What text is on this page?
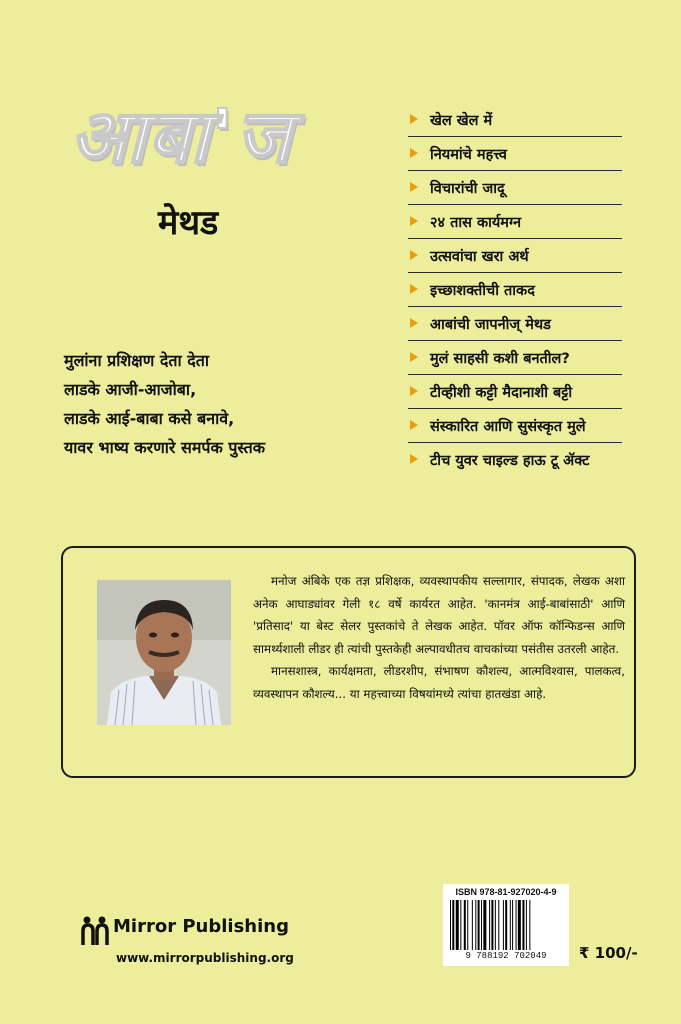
आबा'ज
मेथड
खेल खेल में
नियमांचे महत्त्व
विचारांची जादू
२४ तास कार्यमग्न
उत्सवांचा खरा अर्थ
इच्छाशक्तीची ताकद
आबांची जापनीज् मेथड
मुलं साहसी कशी बनतील?
टीव्हीशी कट्टी मैदानाशी बट्टी
संस्कारित आणि सुसंस्कृत मुले
टीच युवर चाइल्ड हाऊ टू ॲक्ट
मुलांना प्रशिक्षण देता देता
लाडके आजी-आजोबा,
लाडके आई-बाबा कसे बनावे,
यावर भाष्य करणारे समर्पक पुस्तक

मनोज अंबिके एक तज्ञ प्रशिक्षक, व्यवस्थापकीय सल्लागार, संपादक, लेखक अशा अनेक आघाड्यांवर गेली १८ वर्षे कार्यरत आहेत. 'कानमंत्र आई-बाबांसाठी' आणि 'प्रतिसाद' या बेस्ट सेलर पुस्तकांचे ते लेखक आहेत. पॉवर ऑफ कॉन्फिडन्स आणि सामर्थ्यशाली लीडर ही त्यांची पुस्तकेही अल्पावधीतच वाचकांच्या पसंतीस उतरली आहेत.

मानसशास्त्र, कार्यक्षमता, लीडरशीप, संभाषण कौशल्य, आत्मविश्वास, पालकत्व, व्यवस्थापन कौशल्य... या महत्त्वाच्या विषयांमध्ये त्यांचा हातखंडा आहे.

Mirror Publishing
www.mirrorpublishing.org
ISBN 978-81-927020-4-9
9 788192 702049	₹ 100/-
